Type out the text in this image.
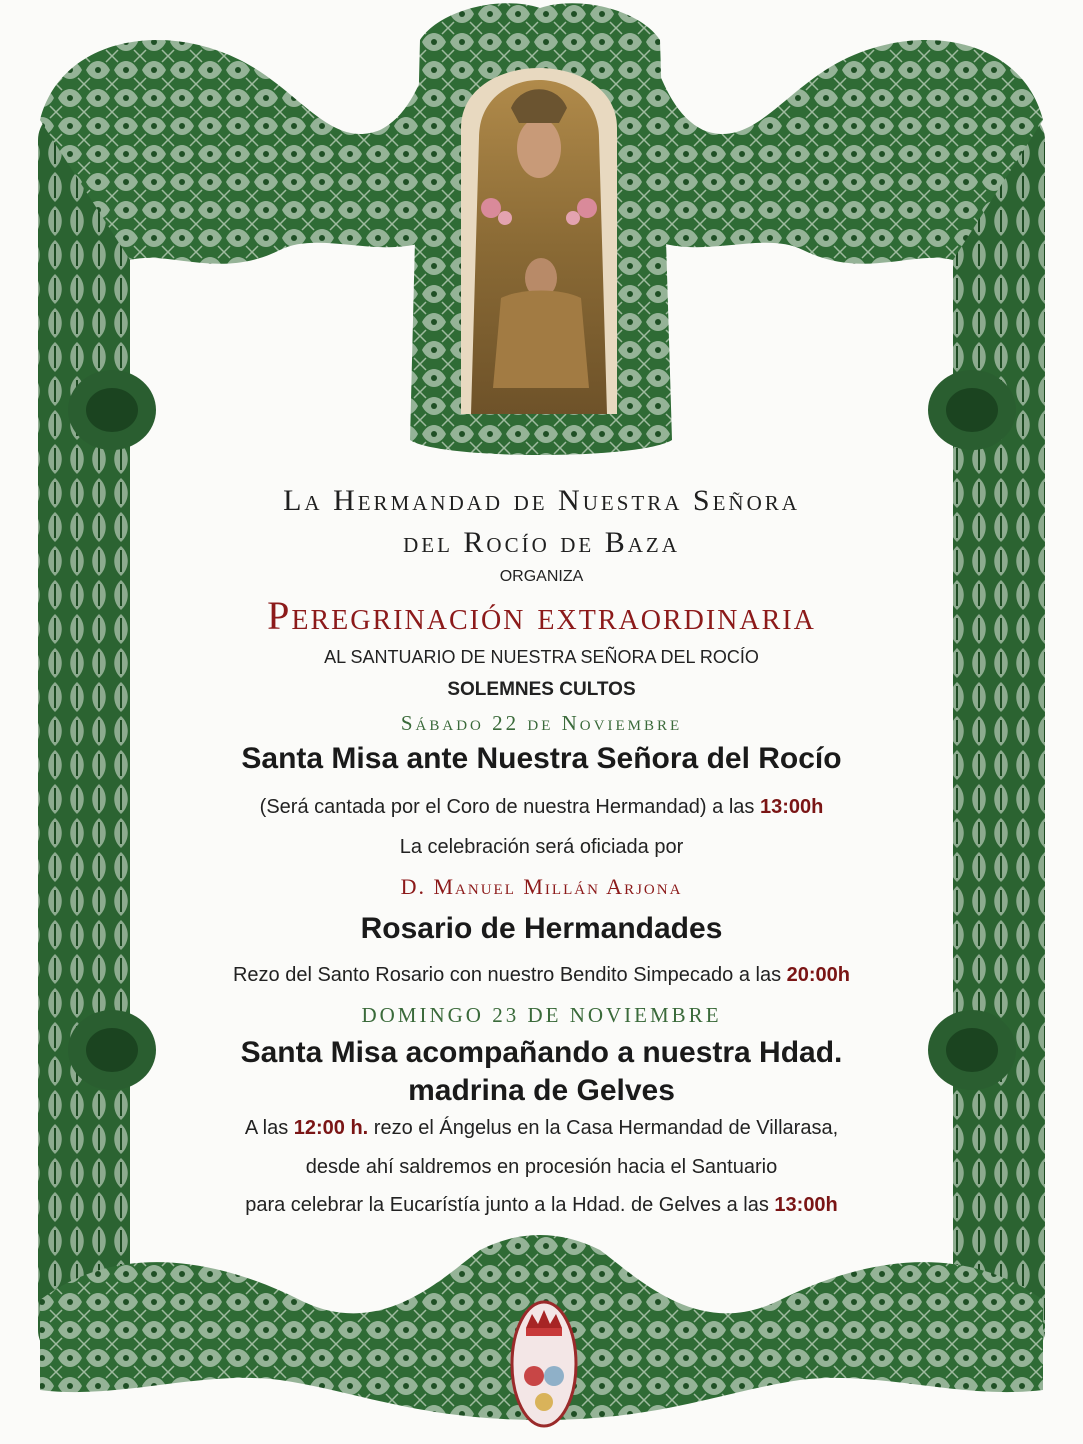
La Hermandad de Nuestra Señora
del Rocío de Baza
ORGANIZA
Peregrinación extraordinaria
AL SANTUARIO DE NUESTRA SEÑORA DEL ROCÍO
SOLEMNES CULTOS
Sábado 22 de Noviembre
Santa Misa ante Nuestra Señora del Rocío
(Será cantada por el Coro de nuestra Hermandad) a las 13:00h
La celebración será oficiada por
D. Manuel Millán Arjona
Rosario de Hermandades
Rezo del Santo Rosario con nuestro Bendito Simpecado a las 20:00h
DOMINGO 23 DE NOVIEMBRE
Santa Misa acompañando a nuestra Hdad.
madrina de Gelves
A las 12:00 h. rezo el Ángelus en la Casa Hermandad de Villarasa,
desde ahí saldremos en procesión hacia el Santuario
para celebrar la Eucarístía junto a la Hdad. de Gelves a las 13:00h
